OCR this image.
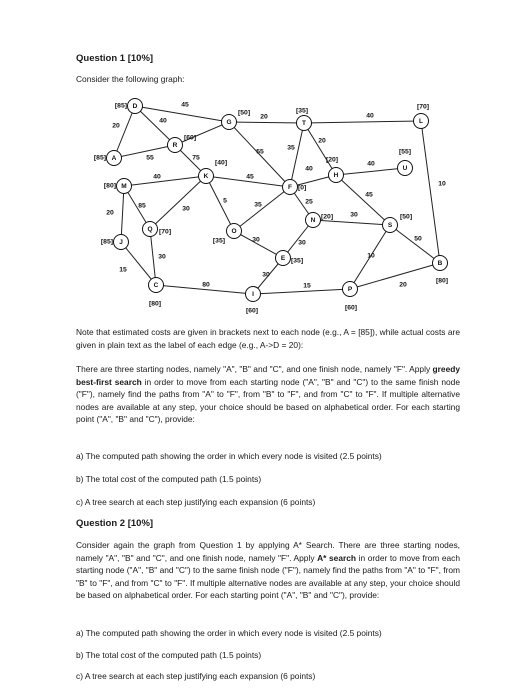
Question 1 [10%]
Consider the following graph:
20
45
40
55	75
20
55
40
35
20
40
40
45
10
40
85
20
30
45
5
35
30
25
30
30
50
10
20
30
15
80
30
15
A
[85]
B
[80]
C
[80]
D
[85]
E [35]
F [0]
G
[50]
H
[20]
I
[60]
J
[85]
K
[40]
L
[70]
M
[80]
N [20]
O
[35]
P
[60]
Q [70]
R
[60]
S
[50]
T
[35]
U
[55]
Note that estimated costs are given in brackets next to each node (e.g., A = [85]), while actual costs are given in plain text as the label of each edge (e.g., A->D = 20):
There are three starting nodes, namely "A", "B" and "C", and one finish node, namely "F". Apply greedy best-first search in order to move from each starting node ("A", "B" and "C") to the same finish node ("F"), namely find the paths from "A" to "F", from "B" to "F", and from "C" to "F". If multiple alternative nodes are available at any step, your choice should be based on alphabetical order. For each starting point ("A", "B" and "C"), provide:
a) The computed path showing the order in which every node is visited (2.5 points)
b) The total cost of the computed path (1.5 points)
c) A tree search at each step justifying each expansion (6 points)
Question 2 [10%]
Consider again the graph from Question 1 by applying A* Search. There are three starting nodes, namely "A", "B" and "C", and one finish node, namely "F". Apply A* search in order to move from each starting node ("A", "B" and "C") to the same finish node ("F"), namely find the paths from "A" to "F", from "B" to "F", and from "C" to "F". If multiple alternative nodes are available at any step, your choice should be based on alphabetical order. For each starting point ("A", "B" and "C"), provide:
a) The computed path showing the order in which every node is visited (2.5 points)
b) The total cost of the computed path (1.5 points)
c) A tree search at each step justifying each expansion (6 points)
